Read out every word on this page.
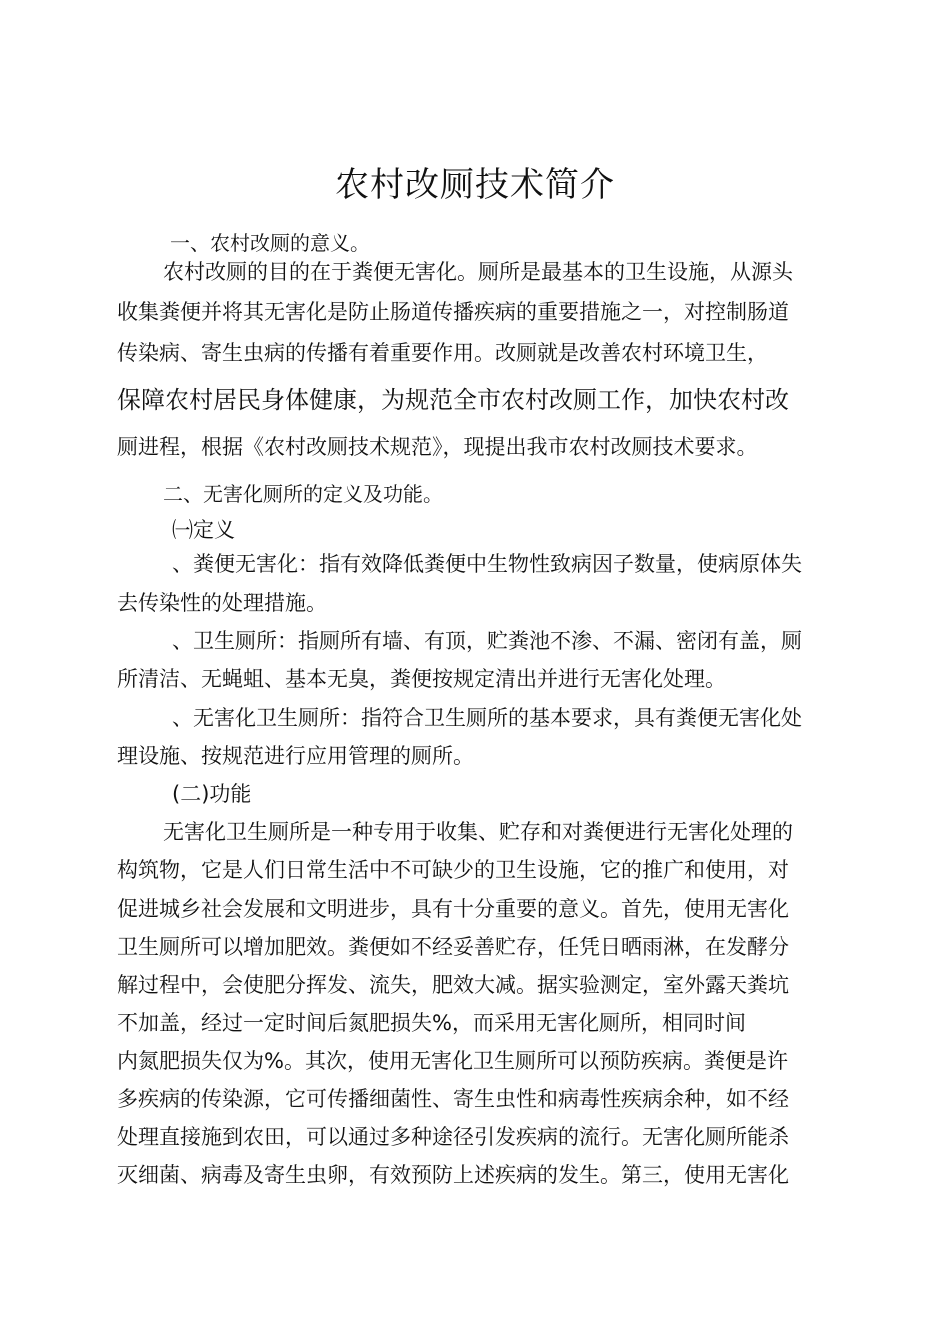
农村改厕技术简介
一、农村改厕的意义。
农村改厕的目的在于粪便无害化。厕所是最基本的卫生设施，从源头
收集粪便并将其无害化是防止肠道传播疾病的重要措施之一，对控制肠道
传染病、寄生虫病的传播有着重要作用。改厕就是改善农村环境卫生，
保障农村居民身体健康，为规范全市农村改厕工作，加快农村改
厕进程，根据《农村改厕技术规范》，现提出我市农村改厕技术要求。
二、无害化厕所的定义及功能。
㈠定义
、粪便无害化：指有效降低粪便中生物性致病因子数量，使病原体失
去传染性的处理措施。
、卫生厕所：指厕所有墙、有顶，贮粪池不渗、不漏、密闭有盖，厕
所清洁、无蝇蛆、基本无臭，粪便按规定清出并进行无害化处理。
、无害化卫生厕所：指符合卫生厕所的基本要求，具有粪便无害化处
理设施、按规范进行应用管理的厕所。
(二)功能
无害化卫生厕所是一种专用于收集、贮存和对粪便进行无害化处理的
构筑物，它是人们日常生活中不可缺少的卫生设施，它的推广和使用，对
促进城乡社会发展和文明进步，具有十分重要的意义。首先，使用无害化
卫生厕所可以增加肥效。粪便如不经妥善贮存，任凭日晒雨淋，在发酵分
解过程中，会使肥分挥发、流失，肥效大减。据实验测定，室外露天粪坑
不加盖，经过一定时间后氮肥损失%，而采用无害化厕所，相同时间
内氮肥损失仅为%。其次，使用无害化卫生厕所可以预防疾病。粪便是许
多疾病的传染源，它可传播细菌性、寄生虫性和病毒性疾病余种，如不经
处理直接施到农田，可以通过多种途径引发疾病的流行。无害化厕所能杀
灭细菌、病毒及寄生虫卵，有效预防上述疾病的发生。第三，使用无害化
